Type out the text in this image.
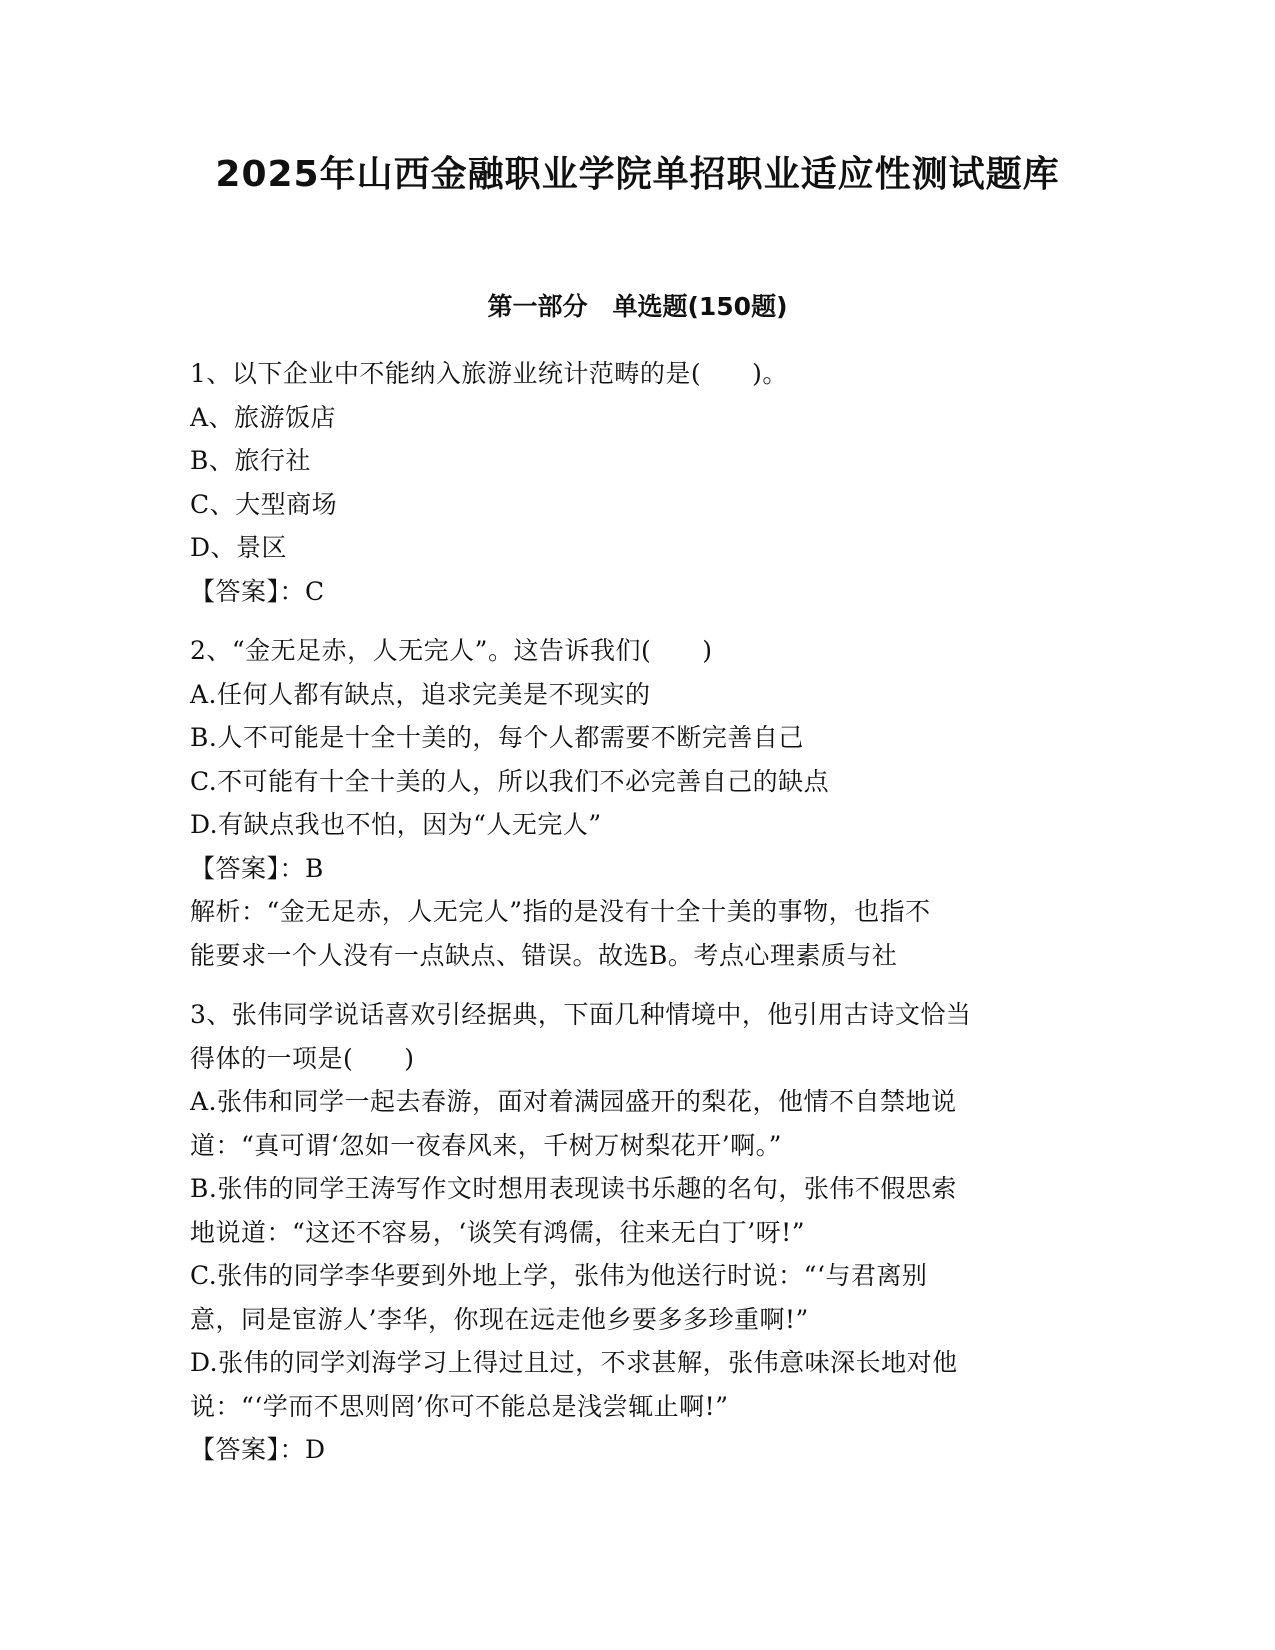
2025年山西金融职业学院单招职业适应性测试题库
第一部分　单选题(150题)

1、以下企业中不能纳入旅游业统计范畴的是(　　)。

A、旅游饭店

B、旅行社

C、大型商场

D、景区

【答案】：C

2、“金无足赤，人无完人”。这告诉我们(　　)

A.任何人都有缺点，追求完美是不现实的

B.人不可能是十全十美的，每个人都需要不断完善自己

C.不可能有十全十美的人，所以我们不必完善自己的缺点

D.有缺点我也不怕，因为“人无完人”

【答案】：B

解析：“金无足赤，人无完人”指的是没有十全十美的事物，也指不

能要求一个人没有一点缺点、错误。故选B。考点心理素质与社

3、张伟同学说话喜欢引经据典，下面几种情境中，他引用古诗文恰当

得体的一项是(　　)

A.张伟和同学一起去春游，面对着满园盛开的梨花，他情不自禁地说

道：“真可谓‘忽如一夜春风来，千树万树梨花开’啊。”

B.张伟的同学王涛写作文时想用表现读书乐趣的名句，张伟不假思索

地说道：“这还不容易，‘谈笑有鸿儒，往来无白丁’呀!”

C.张伟的同学李华要到外地上学，张伟为他送行时说：“‘与君离别

意，同是宦游人’李华，你现在远走他乡要多多珍重啊!”

D.张伟的同学刘海学习上得过且过，不求甚解，张伟意味深长地对他

说：“‘学而不思则罔’你可不能总是浅尝辄止啊!”

【答案】：D
